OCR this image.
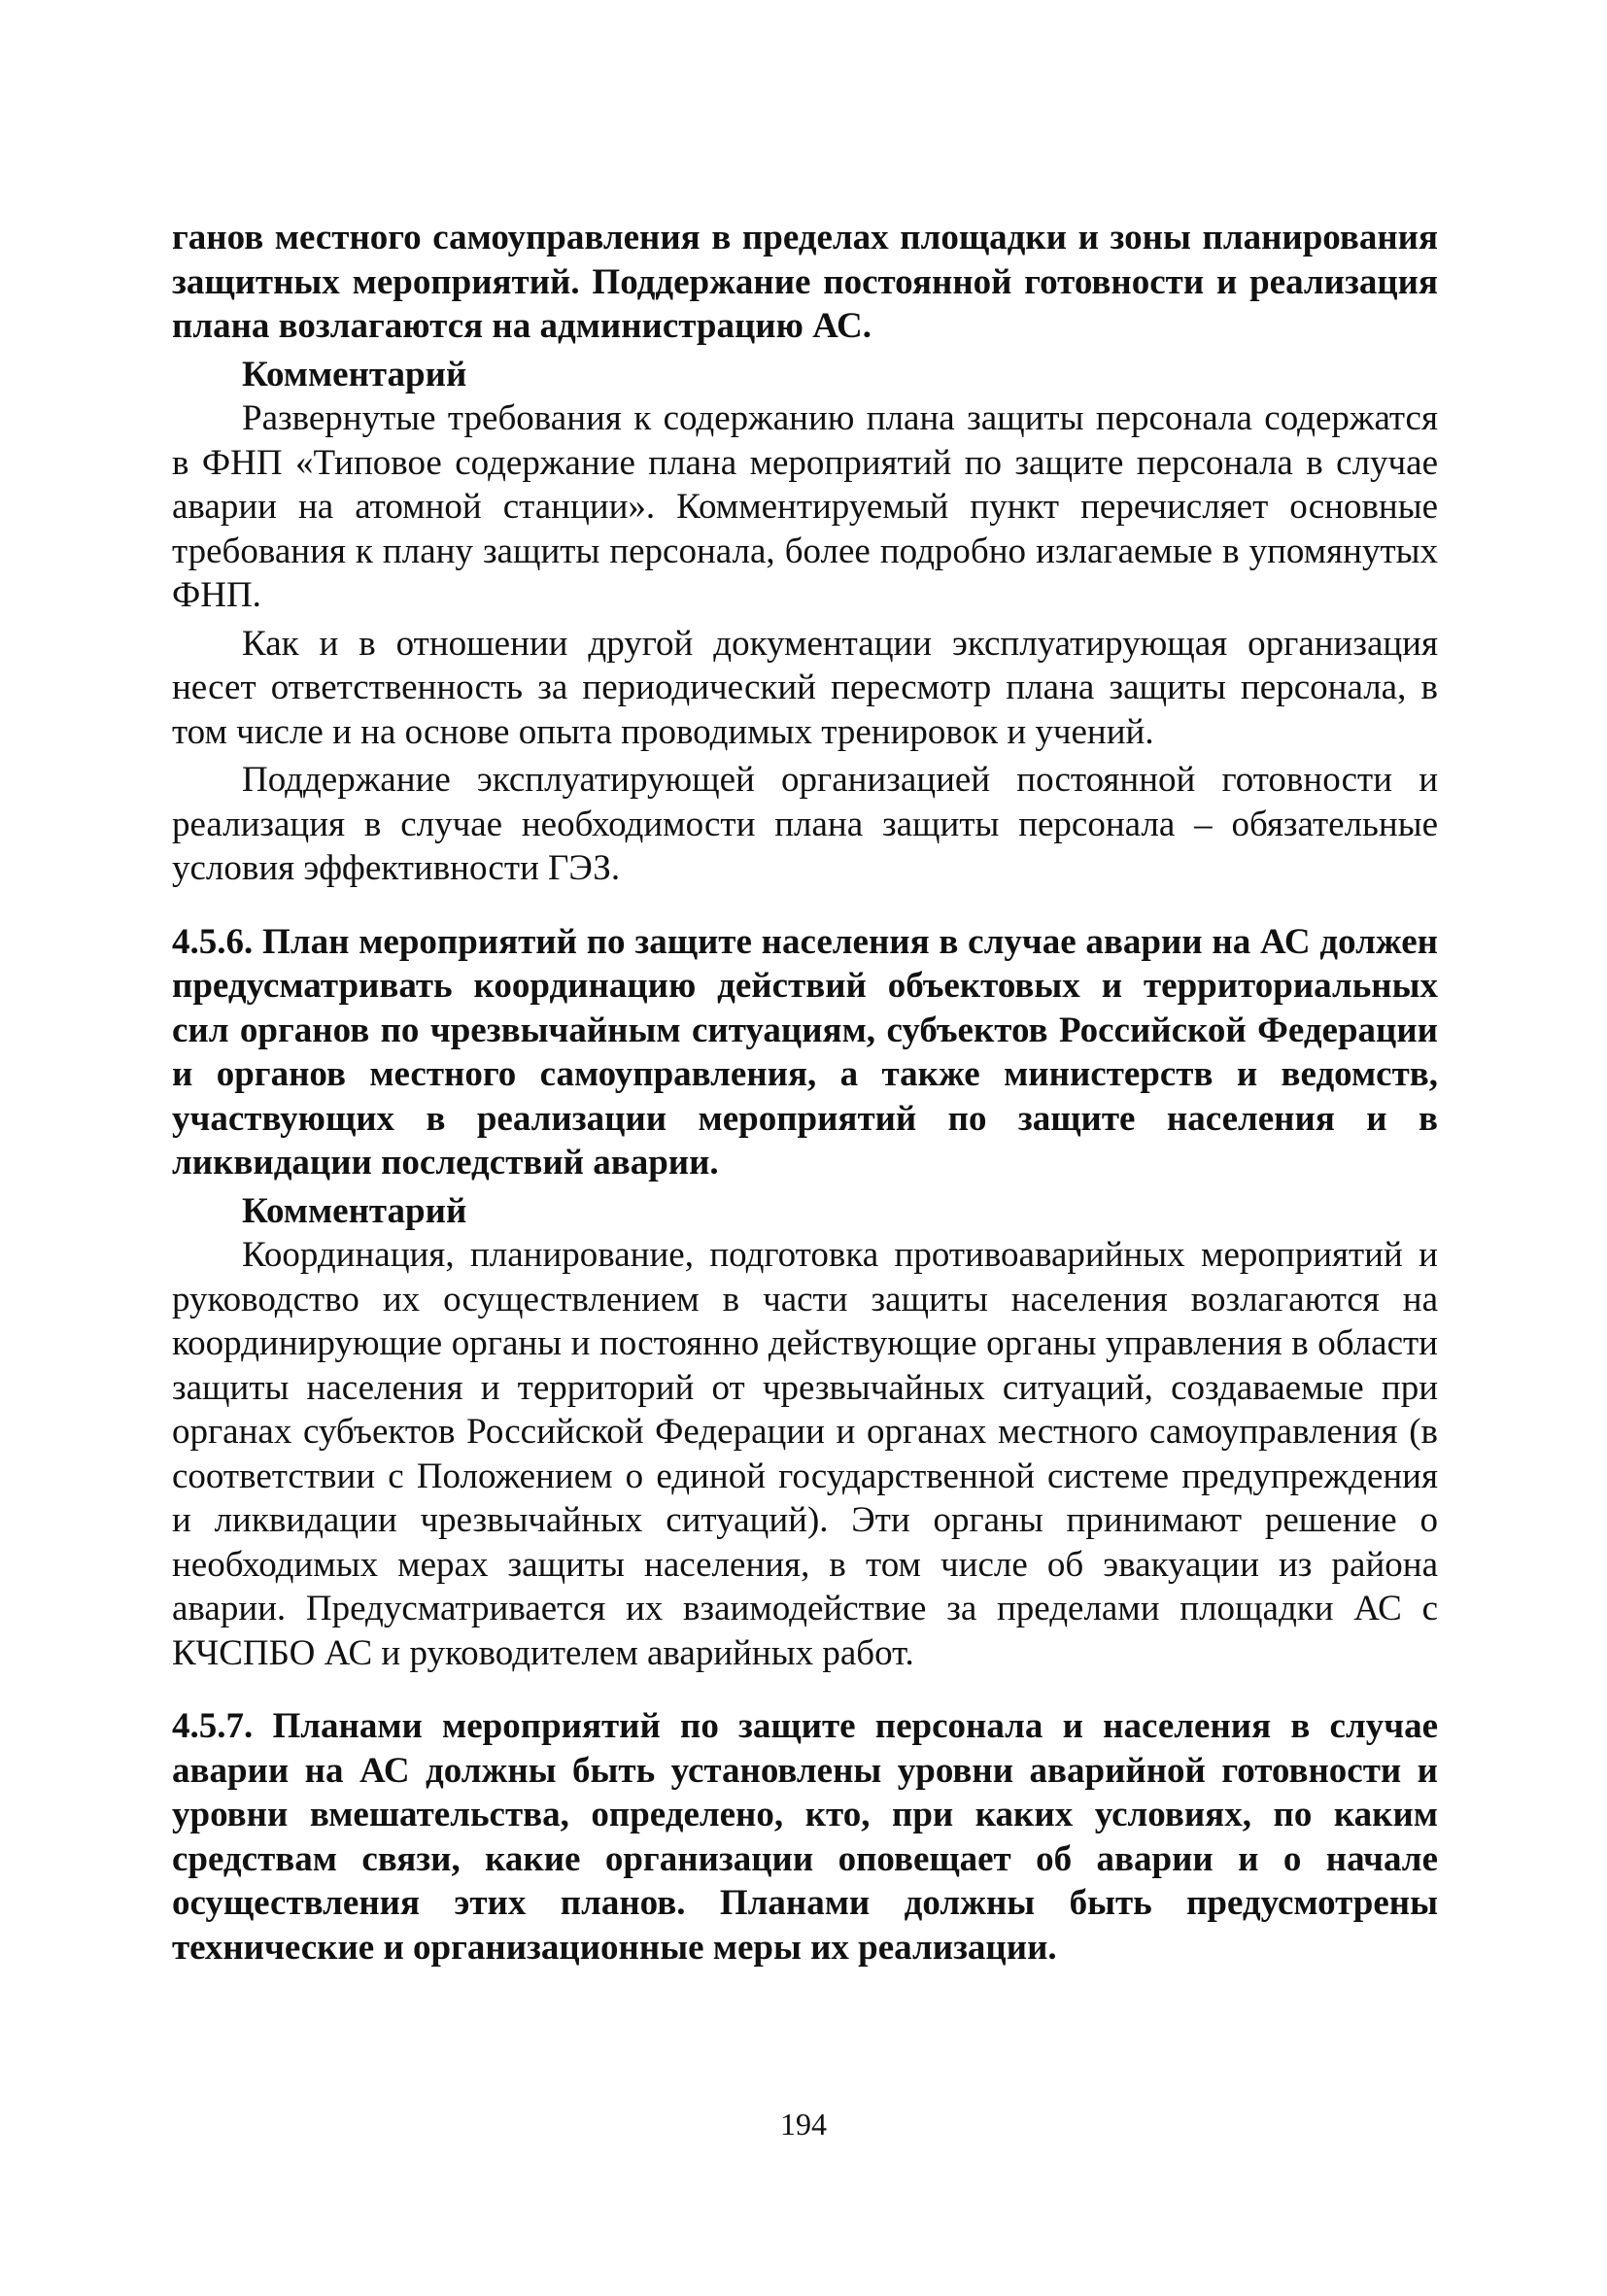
ганов местного самоуправления в пределах площадки и зоны планирования защитных мероприятий. Поддержание постоянной готовности и реализация плана возлагаются на администрацию АС.

Комментарий

Развернутые требования к содержанию плана защиты персонала содержатся в ФНП «Типовое содержание плана мероприятий по защите персонала в случае аварии на атомной станции». Комментируемый пункт перечисляет основные требования к плану защиты персонала, более подробно излагаемые в упомянутых ФНП.

Как и в отношении другой документации эксплуатирующая организация несет ответственность за периодический пересмотр плана защиты персонала, в том числе и на основе опыта проводимых тренировок и учений.

Поддержание эксплуатирующей организацией постоянной готовности и реализация в случае необходимости плана защиты персонала – обязательные условия эффективности ГЭЗ.

4.5.6. План мероприятий по защите населения в случае аварии на АС должен предусматривать координацию действий объектовых и территориальных сил органов по чрезвычайным ситуациям, субъектов Российской Федерации и органов местного самоуправления, а также министерств и ведомств, участвующих в реализации мероприятий по защите населения и в ликвидации последствий аварии.

Комментарий

Координация, планирование, подготовка противоаварийных мероприятий и руководство их осуществлением в части защиты населения возлагаются на координирующие органы и постоянно действующие органы управления в области защиты населения и территорий от чрезвычайных ситуаций, создаваемые при органах субъектов Российской Федерации и органах местного самоуправления (в соответствии с Положением о единой государственной системе предупреждения и ликвидации чрезвычайных ситуаций). Эти органы принимают решение о необходимых мерах защиты населения, в том числе об эвакуации из района аварии. Предусматривается их взаимодействие за пределами площадки АС с КЧСПБО АС и руководителем аварийных работ.

4.5.7. Планами мероприятий по защите персонала и населения в случае аварии на АС должны быть установлены уровни аварийной готовности и уровни вмешательства, определено, кто, при каких условиях, по каким средствам связи, какие организации оповещает об аварии и о начале осуществления этих планов. Планами должны быть предусмотрены технические и организационные меры их реализации.

194
